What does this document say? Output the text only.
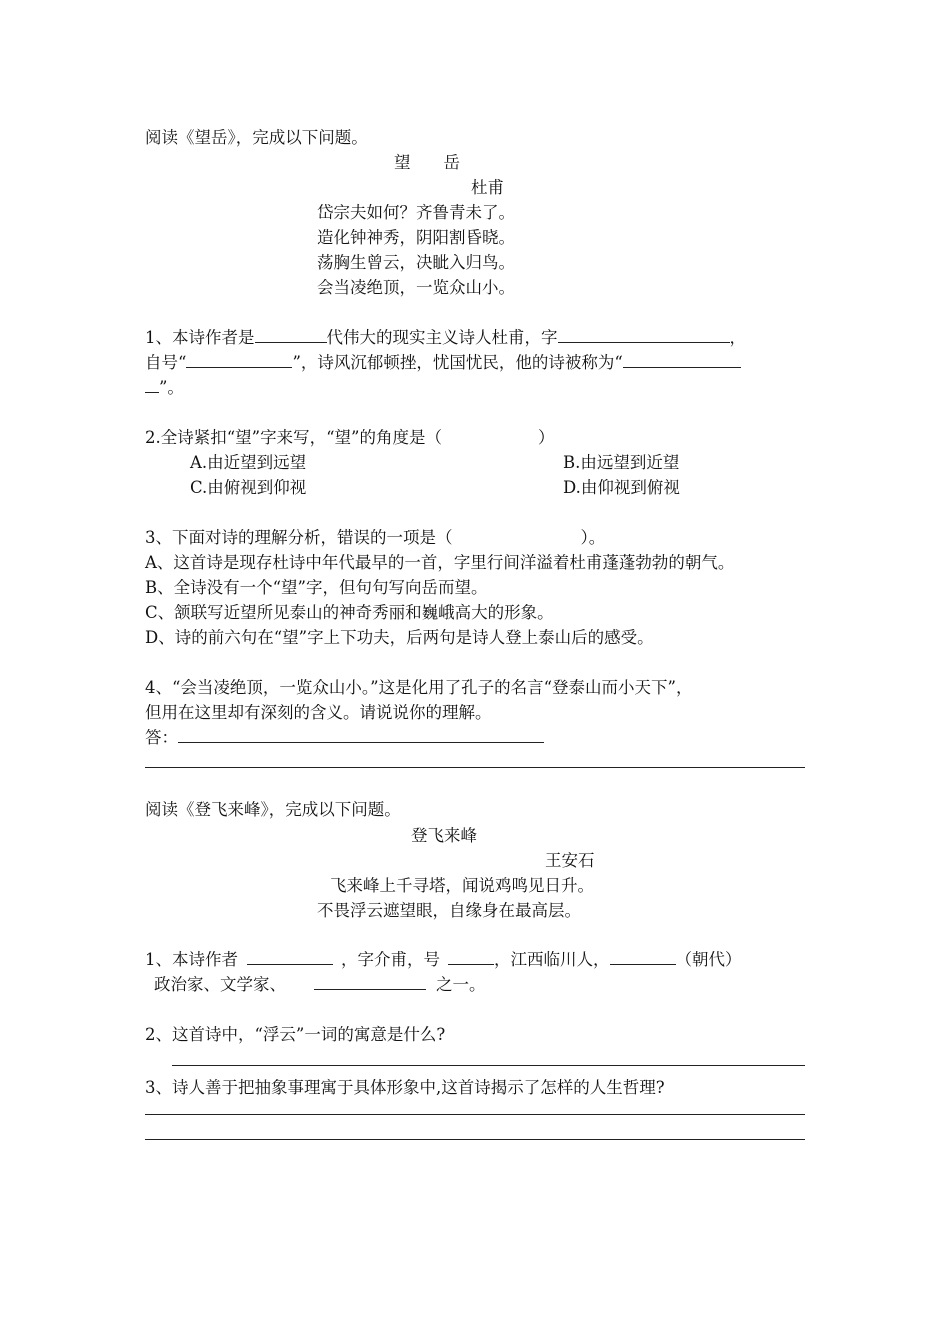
阅读《望岳》，完成以下问题。
望　　岳
杜甫
岱宗夫如何？齐鲁青未了。
造化钟神秀，阴阳割昏晓。
荡胸生曾云，决眦入归鸟。
会当凌绝顶，一览众山小。
1、本诗作者是	代伟大的现实主义诗人杜甫，字	，
自号“	”，诗风沉郁顿挫，忧国忧民，他的诗被称为“
”。
2.全诗紧扣“望”字来写，“望”的角度是（	）
A.由近望到远望	B.由远望到近望
C.由俯视到仰视	D.由仰视到俯视
3、下面对诗的理解分析，错误的一项是（	）。
A、这首诗是现存杜诗中年代最早的一首，字里行间洋溢着杜甫蓬蓬勃勃的朝气。
B、全诗没有一个“望”字，但句句写向岳而望。
C、颔联写近望所见泰山的神奇秀丽和巍峨高大的形象。
D、诗的前六句在“望”字上下功夫，后两句是诗人登上泰山后的感受。
4、“会当凌绝顶，一览众山小。”这是化用了孔子的名言“登泰山而小天下”，
但用在这里却有深刻的含义。请说说你的理解。
答：
阅读《登飞来峰》，完成以下问题。
登飞来峰
王安石
飞来峰上千寻塔，闻说鸡鸣见日升。
不畏浮云遮望眼，自缘身在最高层。
1、本诗作者	，字介甫，号	，江西临川人，	（朝代）
政治家、文学家、	之一。
2、这首诗中，“浮云”一词的寓意是什么?
3、诗人善于把抽象事理寓于具体形象中,这首诗揭示了怎样的人生哲理?
